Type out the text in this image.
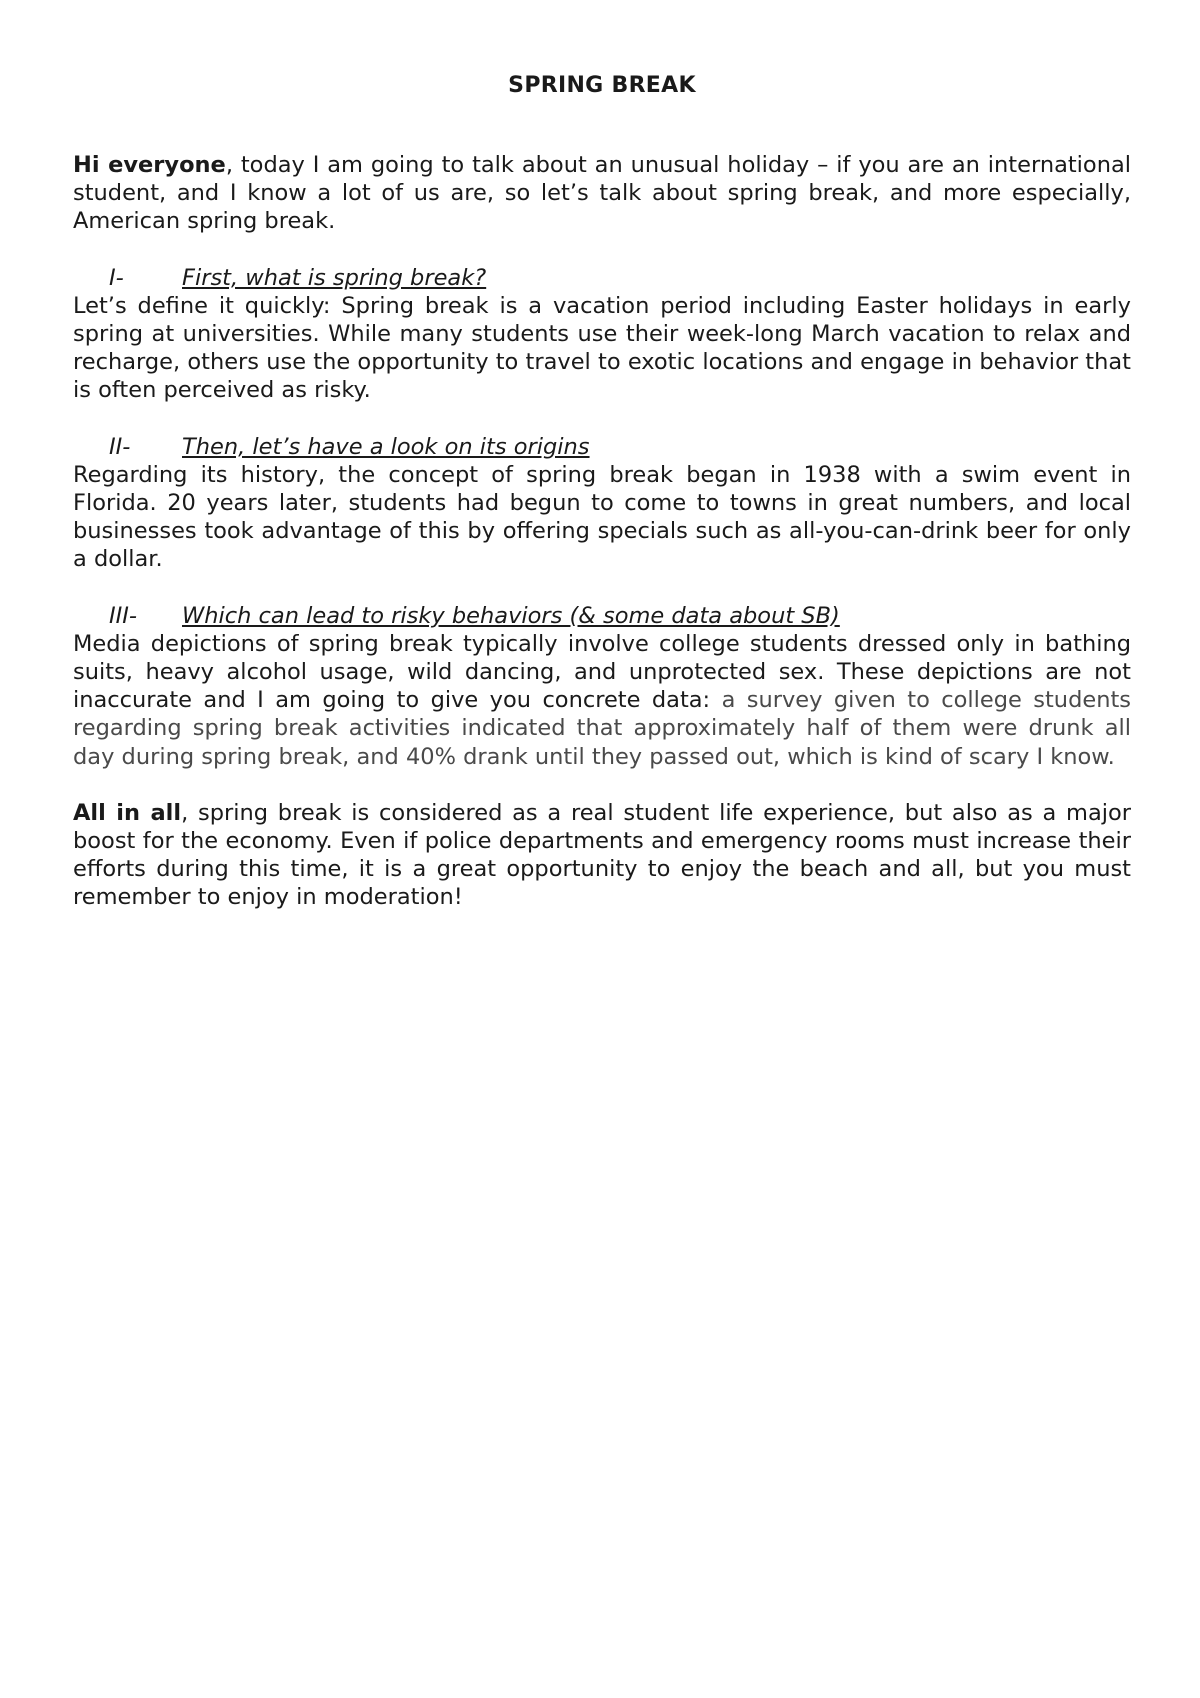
SPRING BREAK

Hi everyone, today I am going to talk about an unusual holiday – if you are an international student, and I know a lot of us are, so let’s talk about spring break, and more especially, American spring break.

I-	First, what is spring break?

Let’s define it quickly: Spring break is a vacation period including Easter holidays in early spring at universities. While many students use their week-long March vacation to relax and recharge, others use the opportunity to travel to exotic locations and engage in behavior that is often perceived as risky.

II-	Then, let’s have a look on its origins

Regarding its history, the concept of spring break began in 1938 with a swim event in Florida. 20 years later, students had begun to come to towns in great numbers, and local businesses took advantage of this by offering specials such as all-you-can-drink beer for only a dollar.

III-	Which can lead to risky behaviors (& some data about SB)

Media depictions of spring break typically involve college students dressed only in bathing suits, heavy alcohol usage, wild dancing, and unprotected sex. These depictions are not inaccurate and I am going to give you concrete data: a survey given to college students regarding spring break activities indicated that approximately half of them were drunk all day during spring break, and 40% drank until they passed out, which is kind of scary I know.

All in all, spring break is considered as a real student life experience, but also as a major boost for the economy. Even if police departments and emergency rooms must increase their efforts during this time, it is a great opportunity to enjoy the beach and all, but you must remember to enjoy in moderation!
